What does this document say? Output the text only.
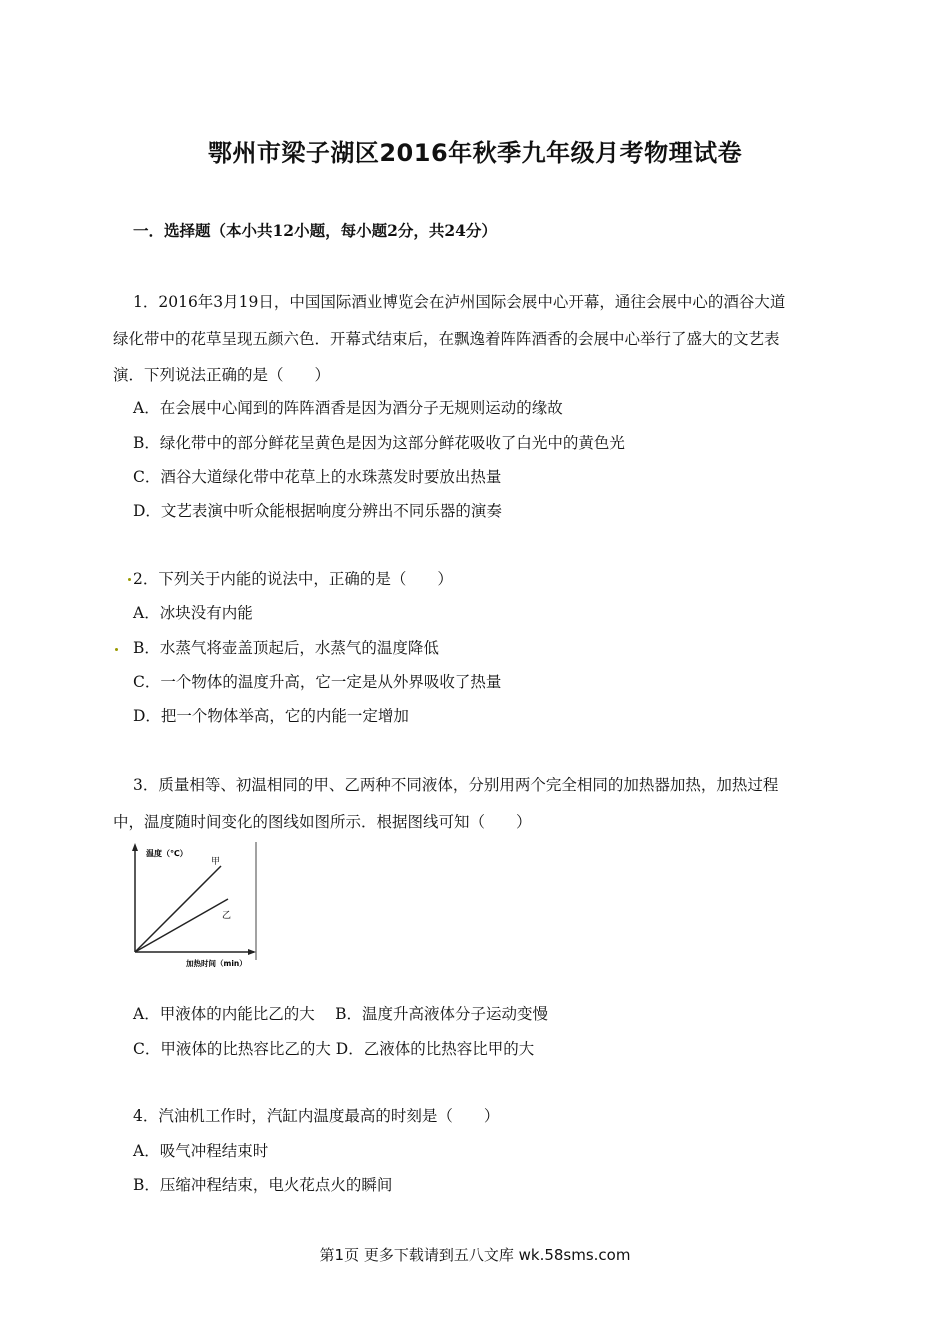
鄂州市梁子湖区2016年秋季九年级月考物理试卷
一．选择题（本小共12小题，每小题2分，共24分）
1．2016年3月19日，中国国际酒业博览会在泸州国际会展中心开幕，通往会展中心的酒谷大道
绿化带中的花草呈现五颜六色．开幕式结束后，在飘逸着阵阵酒香的会展中心举行了盛大的文艺表
演．下列说法正确的是（　　）
A．在会展中心闻到的阵阵酒香是因为酒分子无规则运动的缘故
B．绿化带中的部分鲜花呈黄色是因为这部分鲜花吸收了白光中的黄色光
C．酒谷大道绿化带中花草上的水珠蒸发时要放出热量
D．文艺表演中听众能根据响度分辨出不同乐器的演奏
2．下列关于内能的说法中，正确的是（　　）
A．冰块没有内能
B．水蒸气将壶盖顶起后，水蒸气的温度降低
C．一个物体的温度升高，它一定是从外界吸收了热量
D．把一个物体举高，它的内能一定增加
3．质量相等、初温相同的甲、乙两种不同液体，分别用两个完全相同的加热器加热，加热过程
中，温度随时间变化的图线如图所示．根据图线可知（　　）
温度（℃）
甲
乙
加热时间（min）
A．甲液体的内能比乙的大　 B．温度升高液体分子运动变慢
C．甲液体的比热容比乙的大 D．乙液体的比热容比甲的大
4．汽油机工作时，汽缸内温度最高的时刻是（　　）
A．吸气冲程结束时
B．压缩冲程结束，电火花点火的瞬间
第1页 更多下载请到五八文库 wk.58sms.com
